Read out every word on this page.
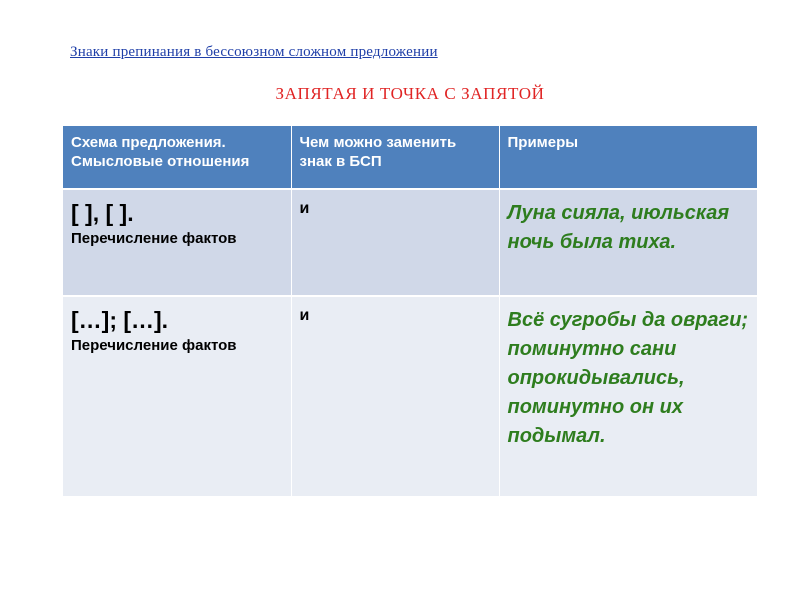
Знаки препинания в бессоюзном сложном предложении
ЗАПЯТАЯ И ТОЧКА С ЗАПЯТОЙ
Схема предложения. Смысловые отношения	Чем можно заменить знак в БСП	Примеры

[ ], [ ].
Перечисление фактов	и	Луна сияла, июльская ночь была тиха.

[…]; […].
Перечисление фактов	и	Всё сугробы да овраги; поминутно сани опрокидывались, поминутно он их подымал.
